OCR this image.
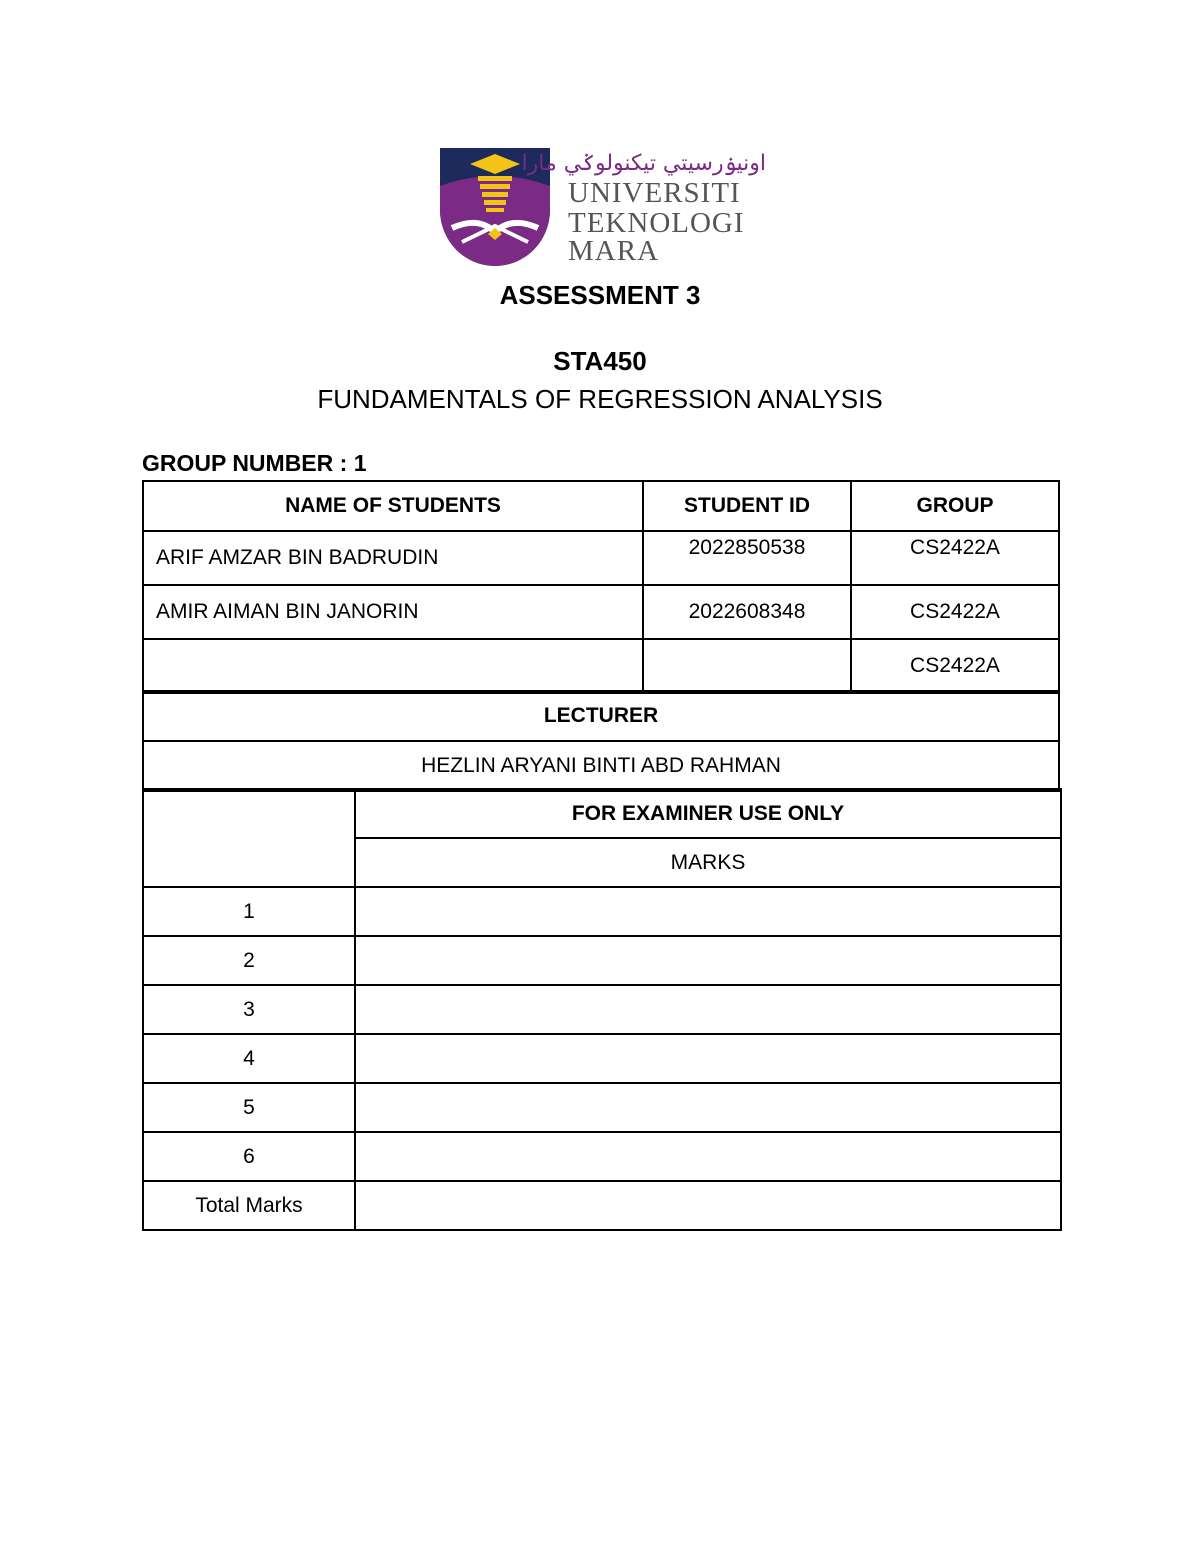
اونيۏرسيتي تيكنولوݢي مارا
UNIVERSITI
TEKNOLOGI
MARA
ASSESSMENT 3
STA450
FUNDAMENTALS OF REGRESSION ANALYSIS
GROUP NUMBER : 1
NAME OF STUDENTS	STUDENT ID	GROUP
ARIF AMZAR BIN BADRUDIN	2022850538	CS2422A
AMIR AIMAN BIN JANORIN	2022608348	CS2422A
		CS2422A
LECTURER
HEZLIN ARYANI BINTI ABD RAHMAN
	FOR EXAMINER USE ONLY
	MARKS
1	
2	
3	
4	
5	
6	
Total Marks	
